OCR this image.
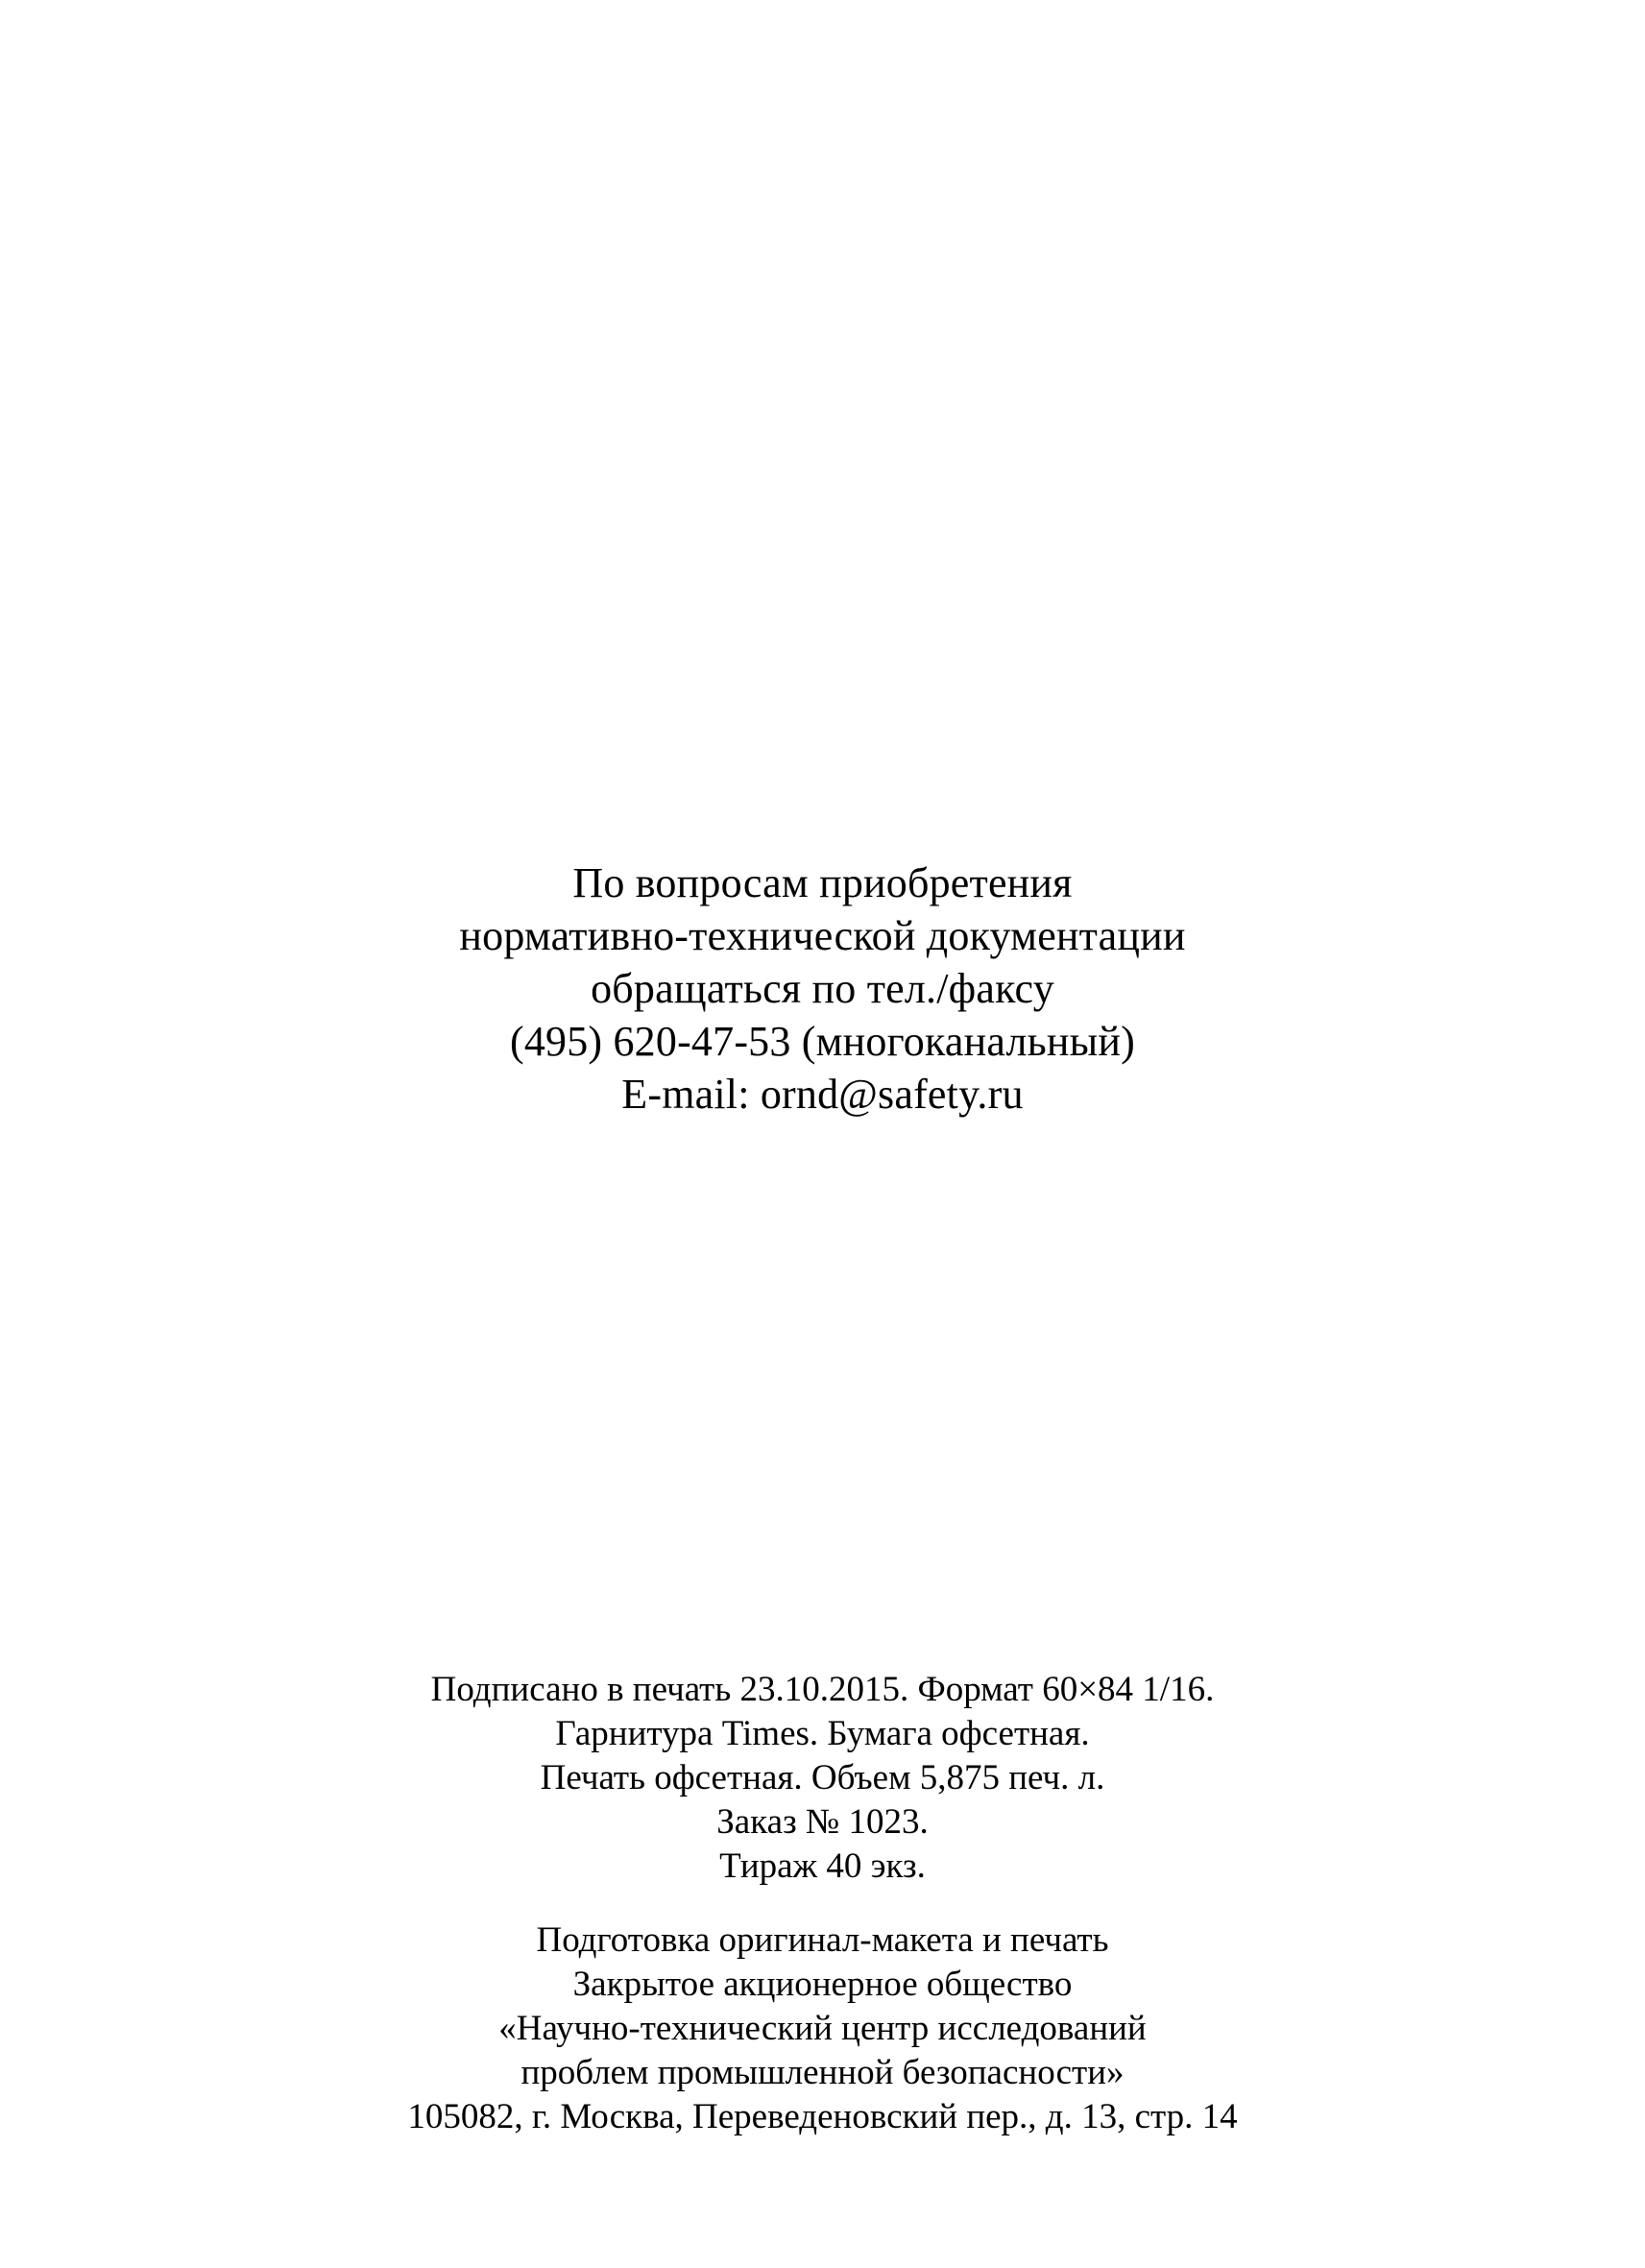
По вопросам приобретения
нормативно-технической документации
обращаться по тел./факсу
(495) 620-47-53 (многоканальный)
E-mail: ornd@safety.ru
Подписано в печать 23.10.2015. Формат 60×84 1/16.
Гарнитура Times. Бумага офсетная.
Печать офсетная. Объем 5,875 печ. л.
Заказ № 1023.
Тираж 40 экз.
Подготовка оригинал-макета и печать
Закрытое акционерное общество
«Научно-технический центр исследований
проблем промышленной безопасности»
105082, г. Москва, Переведеновский пер., д. 13, стр. 14
